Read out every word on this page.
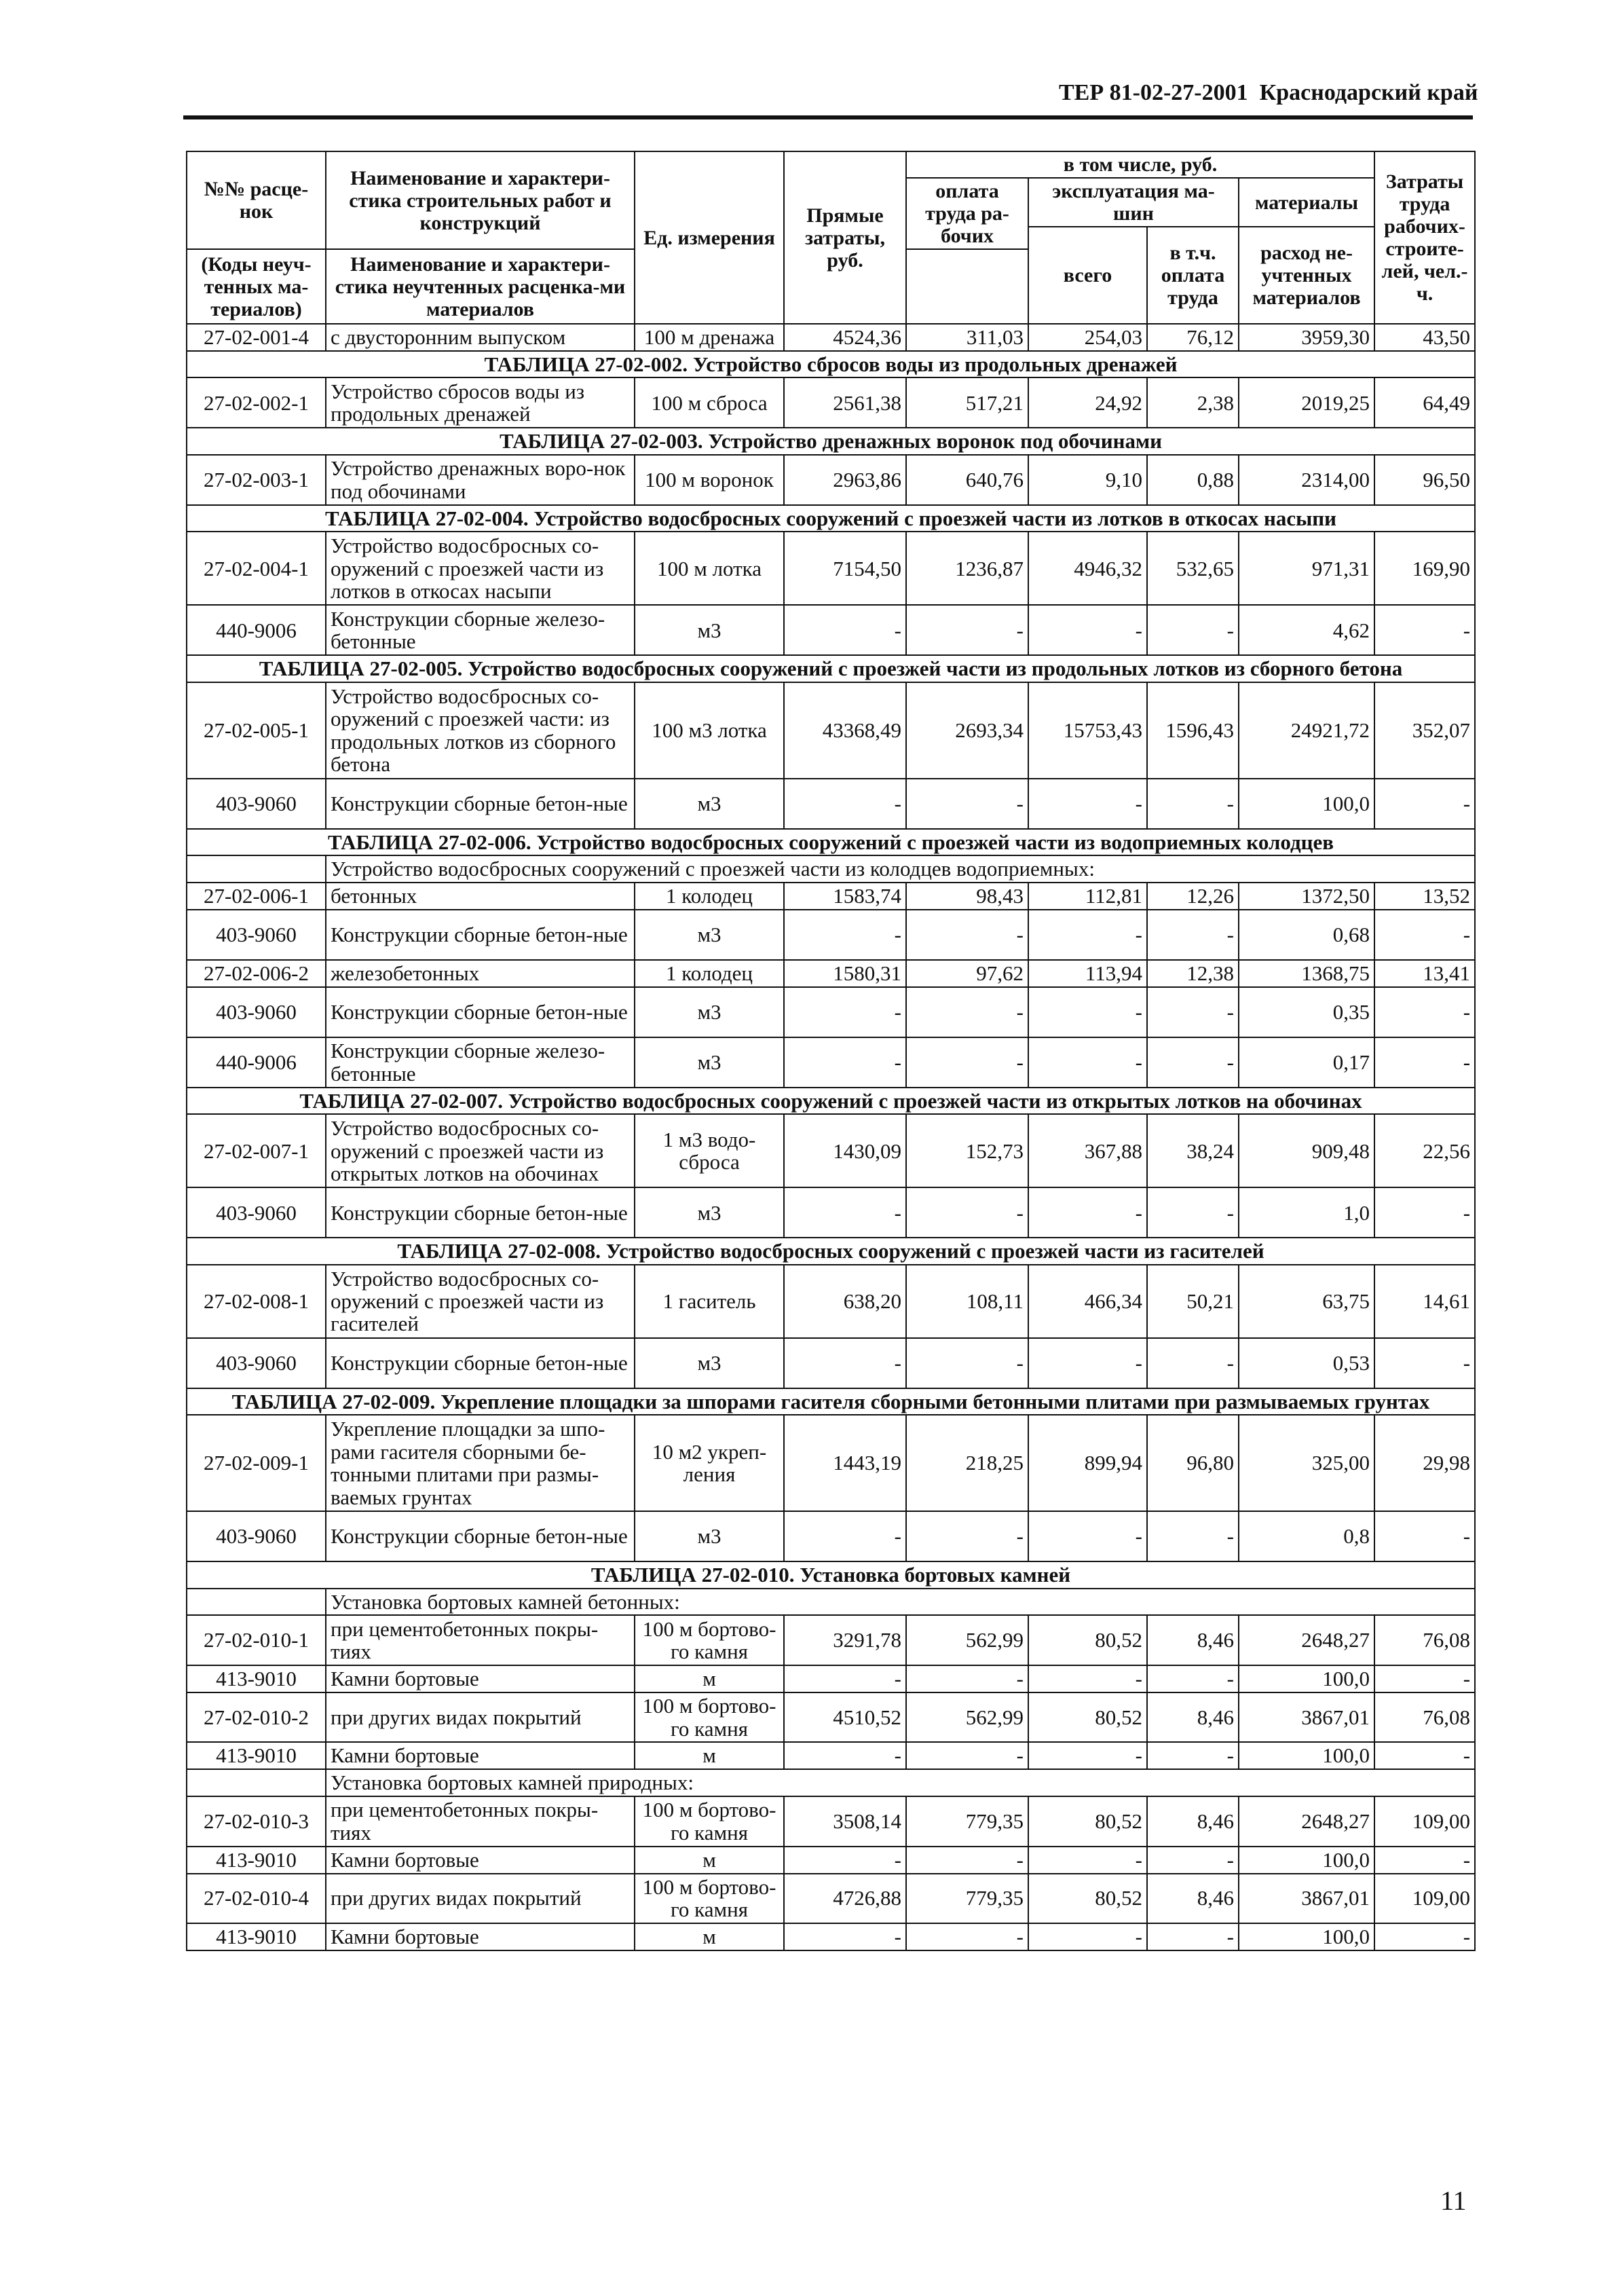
ТЕР 81-02-27-2001 Краснодарский край
№№ расце-нок	Наименование и характери-стика строительных работ и конструкций	Ед. измерения	Прямые затраты, руб.	в том числе, руб.				Затраты труда рабочих-строите-лей, чел.-ч.
				оплата труда ра-бочих	эксплуатация ма-шин		материалы	
					всего	в т.ч. оплата труда	расход не-учтенных материалов	
(Коды неуч-тенных ма-териалов)	Наименование и характери-стика неучтенных расценка-ми материалов							
27-02-001-4	с двусторонним выпуском	100 м дренажа	4524,36	311,03	254,03	76,12	3959,30	43,50
ТАБЛИЦА 27-02-002. Устройство сбросов воды из продольных дренажей								
27-02-002-1	Устройство сбросов воды из продольных дренажей	100 м сброса	2561,38	517,21	24,92	2,38	2019,25	64,49
ТАБЛИЦА 27-02-003. Устройство дренажных воронок под обочинами								
27-02-003-1	Устройство дренажных воро-нок под обочинами	100 м воронок	2963,86	640,76	9,10	0,88	2314,00	96,50
ТАБЛИЦА 27-02-004. Устройство водосбросных сооружений с проезжей части из лотков в откосах насыпи								
27-02-004-1	Устройство водосбросных со-оружений с проезжей части из лотков в откосах насыпи	100 м лотка	7154,50	1236,87	4946,32	532,65	971,31	169,90
440-9006	Конструкции сборные железо-бетонные	м3	-	-	-	-	4,62	-
ТАБЛИЦА 27-02-005. Устройство водосбросных сооружений с проезжей части из продольных лотков из сборного бетона								
27-02-005-1	Устройство водосбросных со-оружений с проезжей части: из продольных лотков из сборного бетона	100 м3 лотка	43368,49	2693,34	15753,43	1596,43	24921,72	352,07
403-9060	Конструкции сборные бетон-ные	м3	-	-	-	-	100,0	-
ТАБЛИЦА 27-02-006. Устройство водосбросных сооружений с проезжей части из водоприемных колодцев								
	Устройство водосбросных сооружений с проезжей части из колодцев водоприемных:							
27-02-006-1	бетонных	1 колодец	1583,74	98,43	112,81	12,26	1372,50	13,52
403-9060	Конструкции сборные бетон-ные	м3	-	-	-	-	0,68	-
27-02-006-2	железобетонных	1 колодец	1580,31	97,62	113,94	12,38	1368,75	13,41
403-9060	Конструкции сборные бетон-ные	м3	-	-	-	-	0,35	-
440-9006	Конструкции сборные железо-бетонные	м3	-	-	-	-	0,17	-
ТАБЛИЦА 27-02-007. Устройство водосбросных сооружений с проезжей части из открытых лотков на обочинах								
27-02-007-1	Устройство водосбросных со-оружений с проезжей части из открытых лотков на обочинах	1 м3 водо-сброса	1430,09	152,73	367,88	38,24	909,48	22,56
403-9060	Конструкции сборные бетон-ные	м3	-	-	-	-	1,0	-
ТАБЛИЦА 27-02-008. Устройство водосбросных сооружений с проезжей части из гасителей								
27-02-008-1	Устройство водосбросных со-оружений с проезжей части из гасителей	1 гаситель	638,20	108,11	466,34	50,21	63,75	14,61
403-9060	Конструкции сборные бетон-ные	м3	-	-	-	-	0,53	-
ТАБЛИЦА 27-02-009. Укрепление площадки за шпорами гасителя сборными бетонными плитами при размываемых грунтах								
27-02-009-1	Укрепление площадки за шпо-рами гасителя сборными бе-тонными плитами при размы-ваемых грунтах	10 м2 укреп-ления	1443,19	218,25	899,94	96,80	325,00	29,98
403-9060	Конструкции сборные бетон-ные	м3	-	-	-	-	0,8	-
ТАБЛИЦА 27-02-010. Установка бортовых камней								
	Установка бортовых камней бетонных:							
27-02-010-1	при цементобетонных покры-тиях	100 м бортово-го камня	3291,78	562,99	80,52	8,46	2648,27	76,08
413-9010	Камни бортовые	м	-	-	-	-	100,0	-
27-02-010-2	при других видах покрытий	100 м бортово-го камня	4510,52	562,99	80,52	8,46	3867,01	76,08
413-9010	Камни бортовые	м	-	-	-	-	100,0	-
	Установка бортовых камней природных:							
27-02-010-3	при цементобетонных покры-тиях	100 м бортово-го камня	3508,14	779,35	80,52	8,46	2648,27	109,00
413-9010	Камни бортовые	м	-	-	-	-	100,0	-
27-02-010-4	при других видах покрытий	100 м бортово-го камня	4726,88	779,35	80,52	8,46	3867,01	109,00
413-9010	Камни бортовые	м	-	-	-	-	100,0	-
11
